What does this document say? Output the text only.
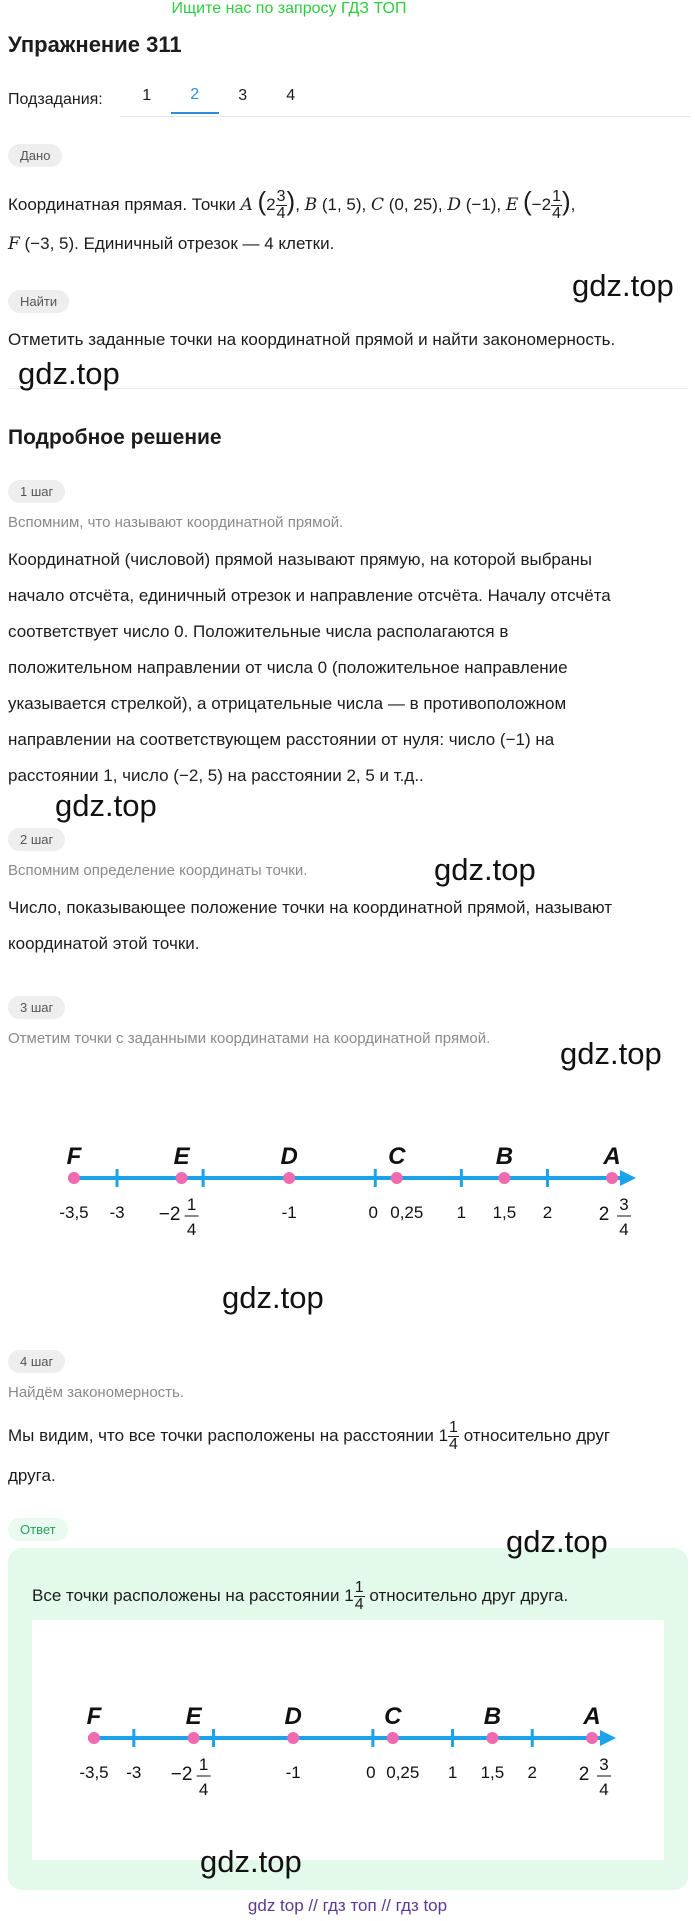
Ищите нас по запросу ГДЗ ТОП
Упражнение 311
Подзадания:	1	2	3	4
Дано
Координатная прямая. Точки A ($2 \frac{3}{4}$ ), B (1, 5), C (0, 25), D (−1), E ($-2 \frac{1}{4}$ ),
F (−3, 5). Единичный отрезок — 4 клетки.
Найти
Отметить заданные точки на координатной прямой и найти закономерность.
Подробное решение
1 шаг
Вспомним, что называют координатной прямой.
Координатной (числовой) прямой называют прямую, на которой выбраны
начало отсчёта, единичный отрезок и направление отсчёта. Началу отсчёта
соответствует число 0. Положительные числа располагаются в
положительном направлении от числа 0 (положительное направление
указывается стрелкой), а отрицательные числа — в противоположном
направлении на соответствующем расстоянии от нуля: число (−1) на
расстоянии 1, число (−2, 5) на расстоянии 2, 5 и т.д..
2 шаг
Вспомним определение координаты точки.
Число, показывающее положение точки на координатной прямой, называют
координатой этой точки.
3 шаг
Отметим точки с заданными координатами на координатной прямой.
F	E	D	C	B	A
-3,5 -3	-1	0 0,25 1 1,5 2
−2 1
4
2 3
4
4 шаг
Найдём закономерность.
Мы видим, что все точки расположены на расстоянии $1 \frac{1}{4}$ относительно друг
друга.
Ответ
Все точки расположены на расстоянии $1 \frac{1}{4}$ относительно друг друга.
F	E	D	C	B	A
-3,5 -3	-1	0 0,25 1 1,5 2
−2 1
4
2 3
4
gdz.top
gdz.top
gdz.top
gdz.top
gdz.top
gdz.top
gdz.top
gdz.top
gdz top // гдз топ // гдз top
